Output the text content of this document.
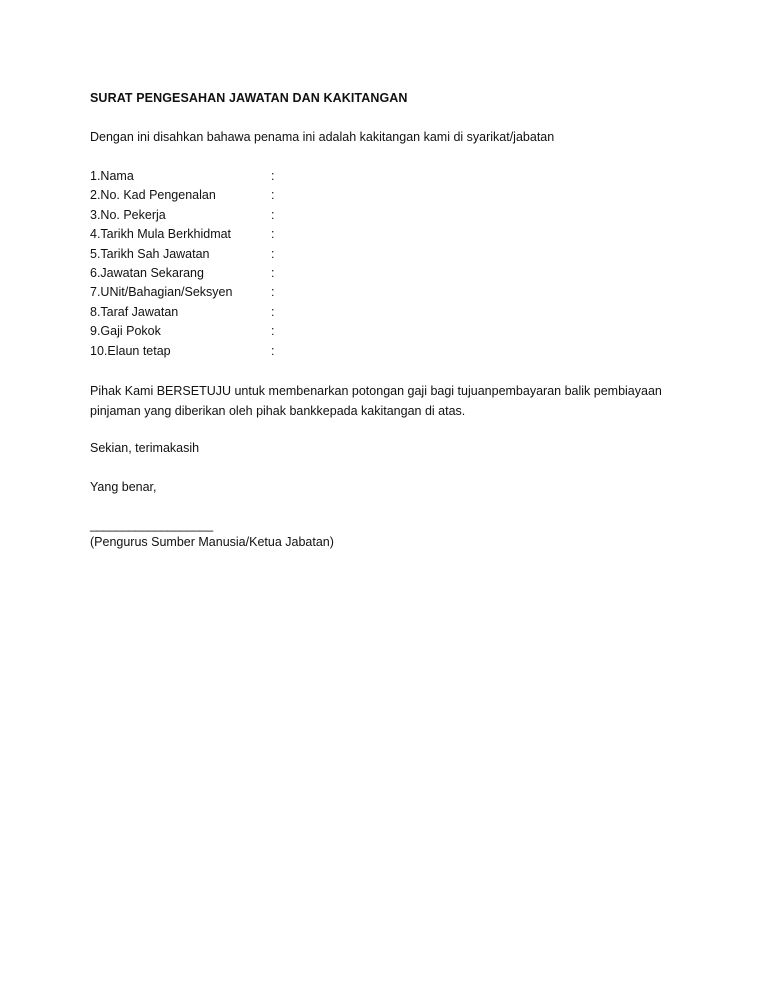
SURAT PENGESAHAN JAWATAN DAN KAKITANGAN

Dengan ini disahkan bahawa penama ini adalah kakitangan kami di syarikat/jabatan
1.Nama	:
2.No. Kad Pengenalan	:
3.No. Pekerja	:
4.Tarikh Mula Berkhidmat	:
5.Tarikh Sah Jawatan	:
6.Jawatan Sekarang	:
7.UNit/Bahagian/Seksyen	:
8.Taraf Jawatan	:
9.Gaji Pokok	:
10.Elaun tetap	:
Pihak Kami BERSETUJU untuk membenarkan potongan gaji bagi tujuanpembayaran balik pembiayaan
pinjaman yang diberikan oleh pihak bankkepada kakitangan di atas.
Sekian, terimakasih
Yang benar,
___________________
(Pengurus Sumber Manusia/Ketua Jabatan)
